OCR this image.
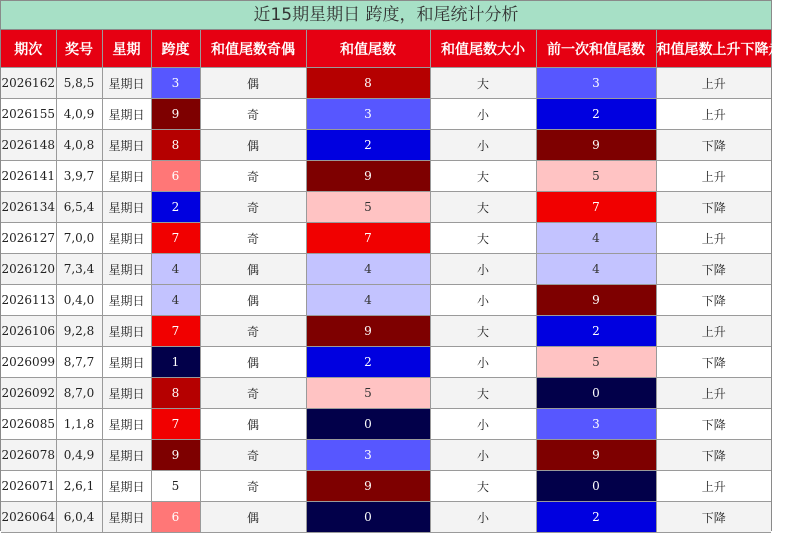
近15期星期日 跨度，和尾统计分析
期次	奖号	星期	跨度	和值尾数奇偶	和值尾数	和值尾数大小	前一次和值尾数	和值尾数上升下降走势
2026162	5,8,5	星期日	3	偶	8	大	3	上升
2026155	4,0,9	星期日	9	奇	3	小	2	上升
2026148	4,0,8	星期日	8	偶	2	小	9	下降
2026141	3,9,7	星期日	6	奇	9	大	5	上升
2026134	6,5,4	星期日	2	奇	5	大	7	下降
2026127	7,0,0	星期日	7	奇	7	大	4	上升
2026120	7,3,4	星期日	4	偶	4	小	4	下降
2026113	0,4,0	星期日	4	偶	4	小	9	下降
2026106	9,2,8	星期日	7	奇	9	大	2	上升
2026099	8,7,7	星期日	1	偶	2	小	5	下降
2026092	8,7,0	星期日	8	奇	5	大	0	上升
2026085	1,1,8	星期日	7	偶	0	小	3	下降
2026078	0,4,9	星期日	9	奇	3	小	9	下降
2026071	2,6,1	星期日	5	奇	9	大	0	上升
2026064	6,0,4	星期日	6	偶	0	小	2	下降
